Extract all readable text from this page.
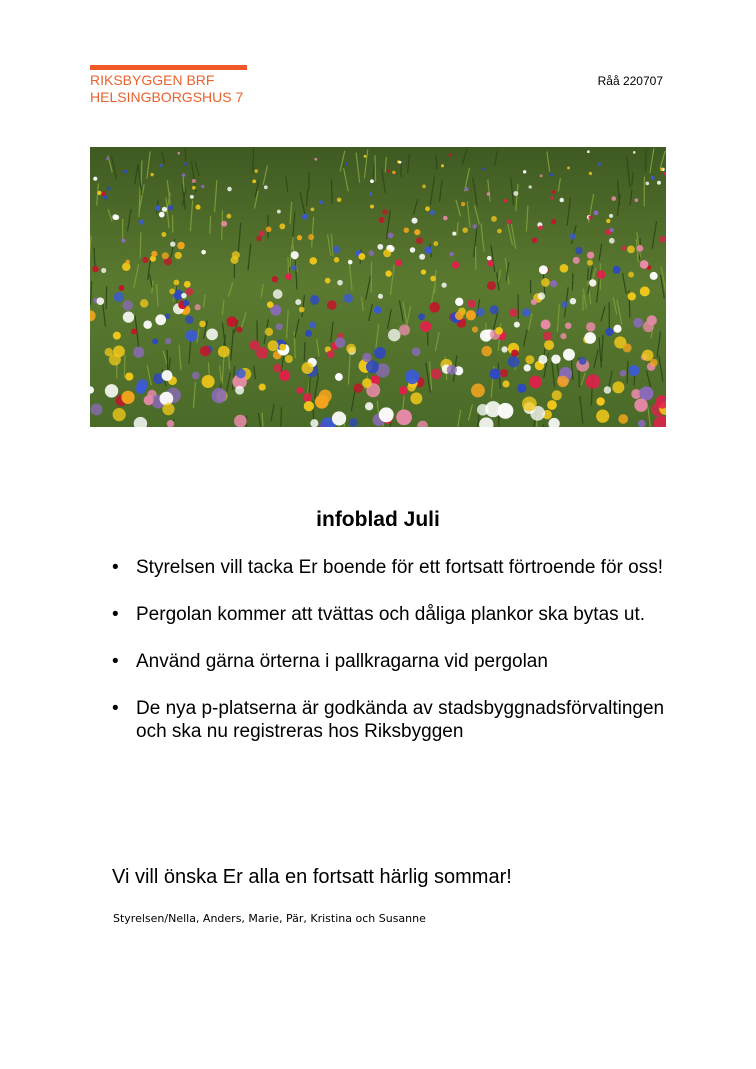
RIKSBYGGEN BRF
HELSINGBORGSHUS 7
Råå 220707
infoblad Juli
• Styrelsen vill tacka Er boende för ett fortsatt förtroende för oss!
• Pergolan kommer att tvättas och dåliga plankor ska bytas ut.
• Använd gärna örterna i pallkragarna vid pergolan
• De nya p-platserna är godkända av stadsbyggnadsförvaltingen och ska nu registreras hos Riksbyggen
Vi vill önska Er alla en fortsatt härlig sommar!
Styrelsen/Nella, Anders, Marie, Pär, Kristina och Susanne
